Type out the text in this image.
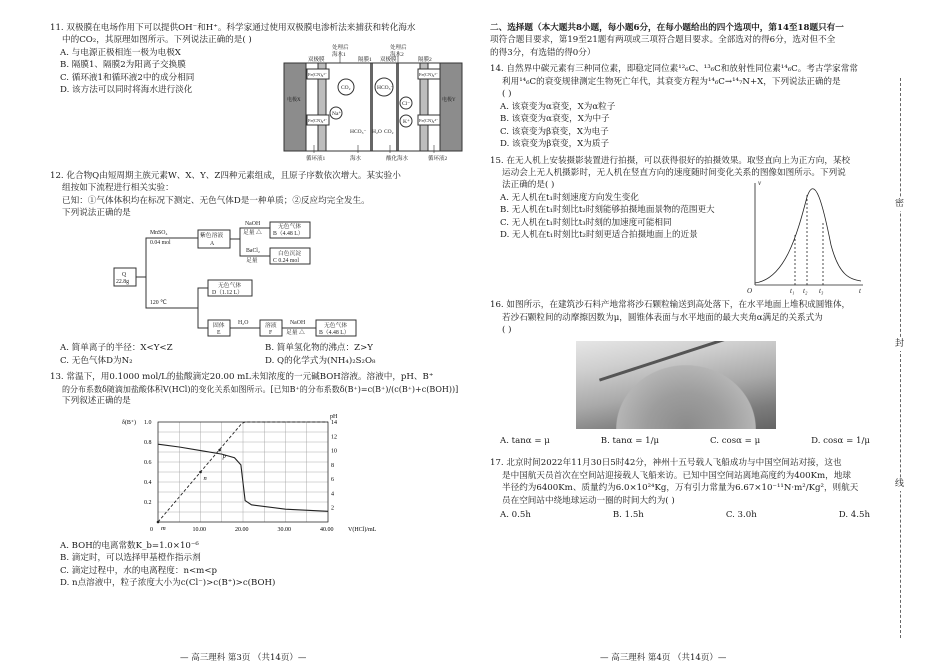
11. 双极膜在电场作用下可以提供OH⁻和H⁺。科学家通过使用双极膜电渗析法来捕获和转化海水

中的CO₂，其原理如图所示。下列说法正确的是( )

A. 与电源正极相连一极为电极X

B. 隔膜1、隔膜2为阳离子交换膜

C. 循环液1和循环液2中的成分相同

D. 该方法可以同时将海水进行淡化

电极X	电极Y
处理后
海水1
处理后
海水2
双极膜	隔膜1 双极膜	隔膜2
Fe(CN)₆³⁻
Fe(CN)₆⁴⁻
Fe(CN)₆³⁻
Fe(CN)₆⁴⁻
CO₂	HCO₃⁻
Na⁺
Cl⁻
K⁺
HCO₃⁻ H₂O CO₂
循环液1	海水	酸化海水	循环液2

12. 化合物Q由短周期主族元素W、X、Y、Z四种元素组成，且原子序数依次增大。某实验小

组按如下流程进行相关实验：

已知：①气体体积均在标况下测定、无色气体D是一种单质；②反应均完全发生。

下列说法正确的是

Q
22.8g
MnSO₄
0.04 mol
紫色溶液
A
NaOH
足量 △
无色气体
B（4.48 L）
BaCl₂
足量
白色沉淀
C 0.24 mol
120 ℃
无色气体
D（1.12 L）
固体
E
H₂O	溶液
F
NaOH
足量 △
无色气体
B（4.48 L）
A. 简单离子的半径：X<Y<Z	B. 简单氢化物的沸点：Z>Y
C. 无色气体D为N₂	D. Q的化学式为(NH₄)₂S₂O₈

13. 常温下，用0.1000 mol/L的盐酸滴定20.00 mL未知浓度的一元碱BOH溶液。溶液中，pH、B⁺

的分布系数δ随滴加盐酸体积V(HCl)的变化关系如图所示。[已知B⁺的分布系数δ(B⁺)=c(B⁺)/(c(B⁺)+c(BOH))]

下列叙述正确的是

0	10.00	20.00	30.00	40.00
0.2
0.4
0.6
0.8
1.0
2
4
6
8
10
12
14
V(HCl)/mL
δ(B⁺)
pH
m
n
p

A. BOH的电离常数K_b=1.0×10⁻⁶

B. 滴定时，可以选择甲基橙作指示剂

C. 滴定过程中，水的电离程度：n<m<p

D. n点溶液中，粒子浓度大小为c(Cl⁻)>c(B⁺)>c(BOH)

二、选择题（本大题共8小题，每小题6分，在每小题给出的四个选项中，第14至18题只有一

项符合题目要求，第19至21题有两项或三项符合题目要求。全部选对的得6分，选对但不全

的得3分，有选错的得0分）

14. 自然界中碳元素有三种同位素，即稳定同位素¹²₆C、¹³₆C和放射性同位素¹⁴₆C。考古学家常常

利用¹⁴₆C的衰变规律测定生物死亡年代，其衰变方程为¹⁴₆C→¹⁴₇N+X，下列说法正确的是

( )

A. 该衰变为α衰变，X为α粒子

B. 该衰变为α衰变，X为中子

C. 该衰变为β衰变，X为电子

D. 该衰变为β衰变，X为质子

15. 在无人机上安装摄影装置进行拍摄，可以获得很好的拍摄效果。取竖直向上为正方向，某校

运动会上无人机摄影时，无人机在竖直方向的速度随时间变化关系的图像如图所示。下列说

法正确的是( )

A. 无人机在t₁时刻速度方向发生变化

B. 无人机在t₁时刻比t₂时刻能够拍摄地面景物的范围更大

C. 无人机在t₁时刻比t₃时刻的加速度可能相同

D. 无人机在t₁时刻比t₂时刻更适合拍摄地面上的近景

v
O	t₁ t₂ t₃	t

16. 如图所示，在建筑沙石料产地常将沙石颗粒输送到高处落下，在水平地面上堆积成圆锥体，

若沙石颗粒间的动摩擦因数为μ，圆锥体表面与水平地面的最大夹角α满足的关系式为

( )

A. tanα = μ	B. tanα = 1/μ	C. cosα = μ	D. cosα = 1/μ

17. 北京时间2022年11月30日5时42分，神州十五号载人飞船成功与中国空间站对接，这也

是中国航天员首次在空间站迎接载人飞船来访。已知中国空间站离地高度约为400Km，地球

半径约为6400Km、质量约为6.0×10²⁴Kg，万有引力常量为6.67×10⁻¹¹N·m²/Kg²，则航天

员在空间站中绕地球运动一圈的时间大约为( )

A. 0.5h	B. 1.5h	C. 3.0h	D. 4.5h
密
封
线
— 高三理科 第3页 （共14页）—	— 高三理科 第4页 （共14页）—
